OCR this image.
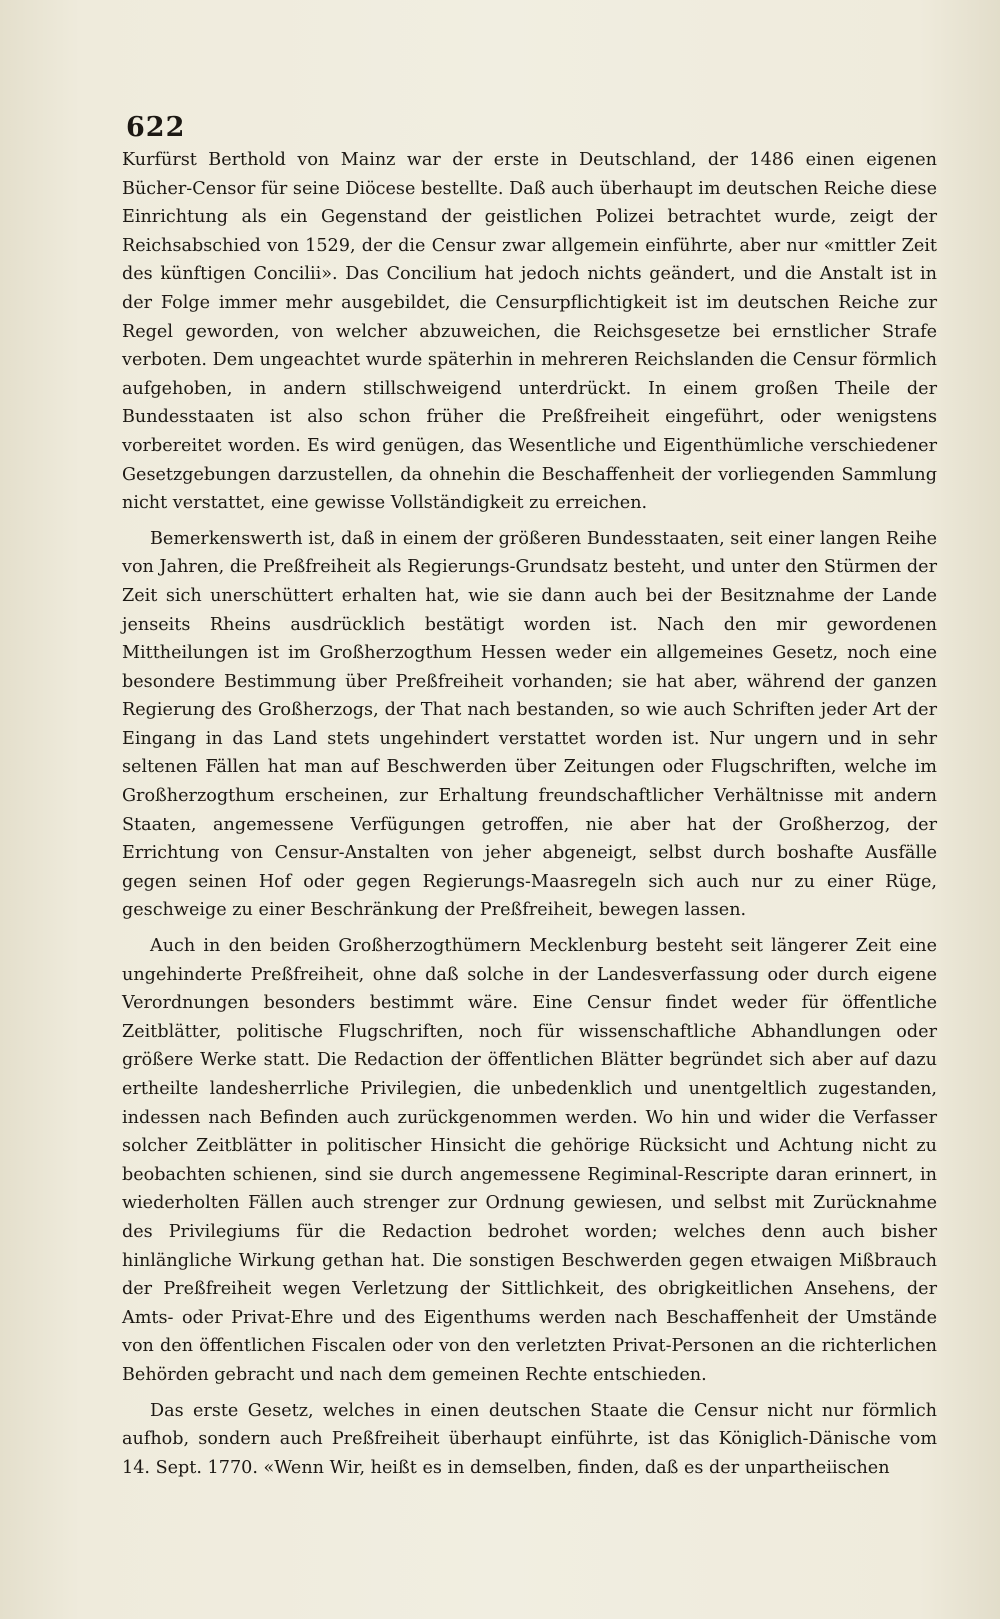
622

Kurfürst Berthold von Mainz war der erste in Deutschland, der 1486 einen eigenen Bücher-Censor für seine Diöcese bestellte. Daß auch überhaupt im deutschen Reiche diese Einrichtung als ein Gegenstand der geistlichen Polizei betrachtet wurde, zeigt der Reichsabschied von 1529, der die Censur zwar allgemein einführte, aber nur «mittler Zeit des künftigen Concilii». Das Concilium hat jedoch nichts geändert, und die Anstalt ist in der Folge immer mehr ausgebildet, die Censurpflichtigkeit ist im deutschen Reiche zur Regel geworden, von welcher abzuweichen, die Reichsgesetze bei ernstlicher Strafe verboten. Dem ungeachtet wurde späterhin in mehreren Reichslanden die Censur förmlich aufgehoben, in andern stillschweigend unterdrückt. In einem großen Theile der Bundesstaaten ist also schon früher die Preßfreiheit eingeführt, oder wenigstens vorbereitet worden. Es wird genügen, das Wesentliche und Eigenthümliche verschiedener Gesetzgebungen darzustellen, da ohnehin die Beschaffenheit der vorliegenden Sammlung nicht verstattet, eine gewisse Vollständigkeit zu erreichen.

Bemerkenswerth ist, daß in einem der größeren Bundesstaaten, seit einer langen Reihe von Jahren, die Preßfreiheit als Regierungs-Grundsatz besteht, und unter den Stürmen der Zeit sich unerschüttert erhalten hat, wie sie dann auch bei der Besitznahme der Lande jenseits Rheins ausdrücklich bestätigt worden ist. Nach den mir gewordenen Mittheilungen ist im Großherzogthum Hessen weder ein allgemeines Gesetz, noch eine besondere Bestimmung über Preßfreiheit vorhanden; sie hat aber, während der ganzen Regierung des Großherzogs, der That nach bestanden, so wie auch Schriften jeder Art der Eingang in das Land stets ungehindert verstattet worden ist. Nur ungern und in sehr seltenen Fällen hat man auf Beschwerden über Zeitungen oder Flugschriften, welche im Großherzogthum erscheinen, zur Erhaltung freundschaftlicher Verhältnisse mit andern Staaten, angemessene Verfügungen getroffen, nie aber hat der Großherzog, der Errichtung von Censur-Anstalten von jeher abgeneigt, selbst durch boshafte Ausfälle gegen seinen Hof oder gegen Regierungs-Maasregeln sich auch nur zu einer Rüge, geschweige zu einer Beschränkung der Preßfreiheit, bewegen lassen.

Auch in den beiden Großherzogthümern Mecklenburg besteht seit längerer Zeit eine ungehinderte Preßfreiheit, ohne daß solche in der Landesverfassung oder durch eigene Verordnungen besonders bestimmt wäre. Eine Censur findet weder für öffentliche Zeitblätter, politische Flugschriften, noch für wissenschaftliche Abhandlungen oder größere Werke statt. Die Redaction der öffentlichen Blätter begründet sich aber auf dazu ertheilte landesherrliche Privilegien, die unbedenklich und unentgeltlich zugestanden, indessen nach Befinden auch zurückgenommen werden. Wo hin und wider die Verfasser solcher Zeitblätter in politischer Hinsicht die gehörige Rücksicht und Achtung nicht zu beobachten schienen, sind sie durch angemessene Regiminal-Rescripte daran erinnert, in wiederholten Fällen auch strenger zur Ordnung gewiesen, und selbst mit Zurücknahme des Privilegiums für die Redaction bedrohet worden; welches denn auch bisher hinlängliche Wirkung gethan hat. Die sonstigen Beschwerden gegen etwaigen Mißbrauch der Preßfreiheit wegen Verletzung der Sittlichkeit, des obrigkeitlichen Ansehens, der Amts- oder Privat-Ehre und des Eigenthums werden nach Beschaffenheit der Umstände von den öffentlichen Fiscalen oder von den verletzten Privat-Personen an die richterlichen Behörden gebracht und nach dem gemeinen Rechte entschieden.

Das erste Gesetz, welches in einen deutschen Staate die Censur nicht nur förmlich aufhob, sondern auch Preßfreiheit überhaupt einführte, ist das Königlich-Dänische vom 14. Sept. 1770. «Wenn Wir, heißt es in demselben, finden, daß es der unpartheiischen
